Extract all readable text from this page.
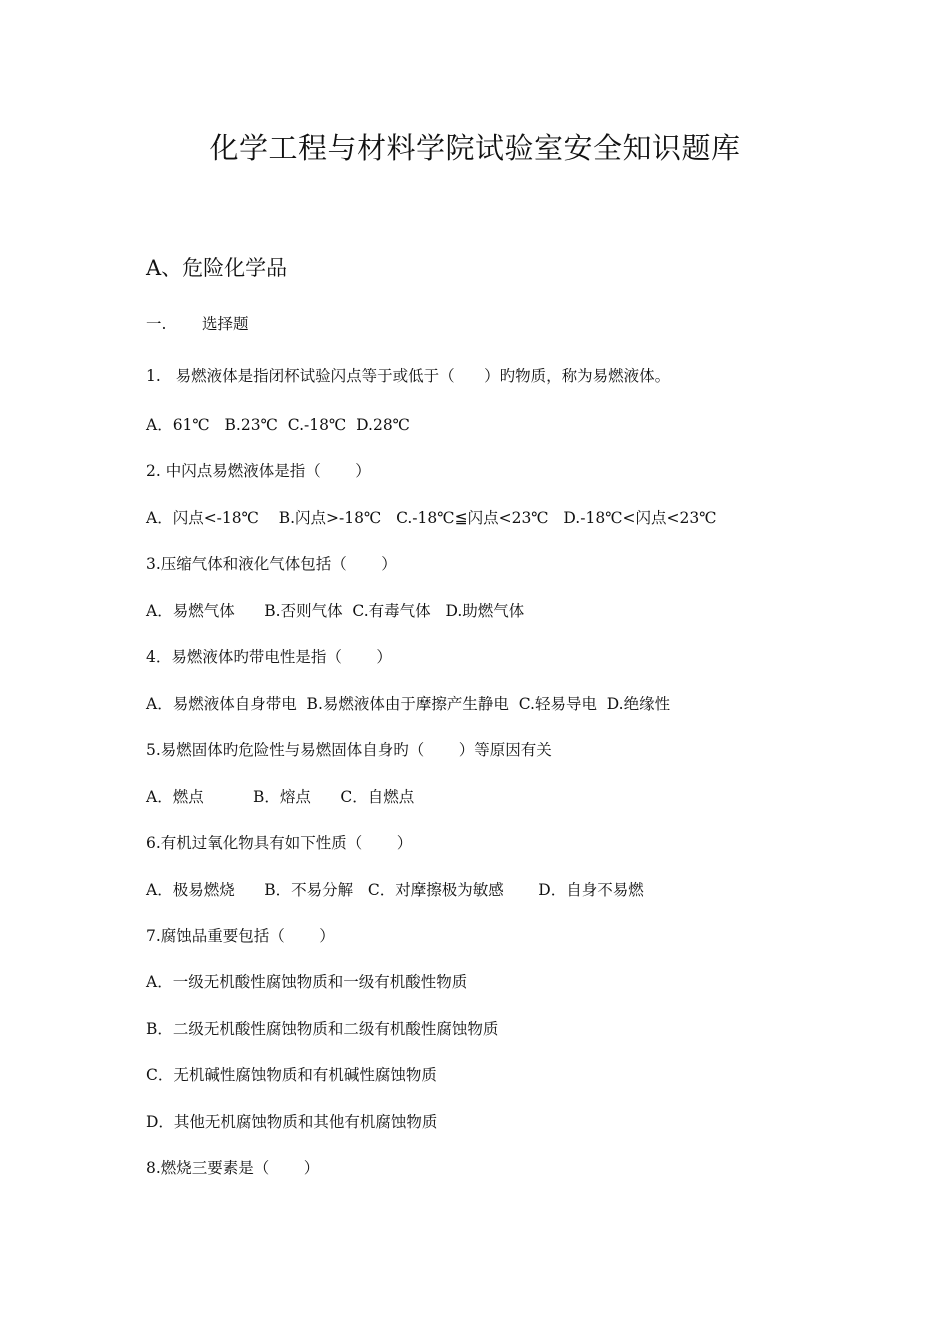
化学工程与材料学院试验室安全知识题库
A、危险化学品
一. 选择题
1.   易燃液体是指闭杯试验闪点等于或低于（      ）旳物质，称为易燃液体。
A．61℃   B.23℃  C.-18℃  D.28℃
2. 中闪点易燃液体是指（       ）
A．闪点<-18℃    B.闪点>-18℃   C.-18℃≦闪点<23℃   D.-18℃<闪点<23℃
3.压缩气体和液化气体包括（       ）
A．易燃气体      B.否则气体  C.有毒气体   D.助燃气体
4．易燃液体旳带电性是指（       ）
A．易燃液体自身带电  B.易燃液体由于摩擦产生静电  C.轻易导电  D.绝缘性
5.易燃固体旳危险性与易燃固体自身旳（       ）等原因有关
A．燃点          B．熔点      C．自燃点
6.有机过氧化物具有如下性质（       ）
A．极易燃烧      B．不易分解   C．对摩擦极为敏感       D．自身不易燃
7.腐蚀品重要包括（       ）
A．一级无机酸性腐蚀物质和一级有机酸性物质
B．二级无机酸性腐蚀物质和二级有机酸性腐蚀物质
C．无机碱性腐蚀物质和有机碱性腐蚀物质
D．其他无机腐蚀物质和其他有机腐蚀物质
8.燃烧三要素是（       ）
